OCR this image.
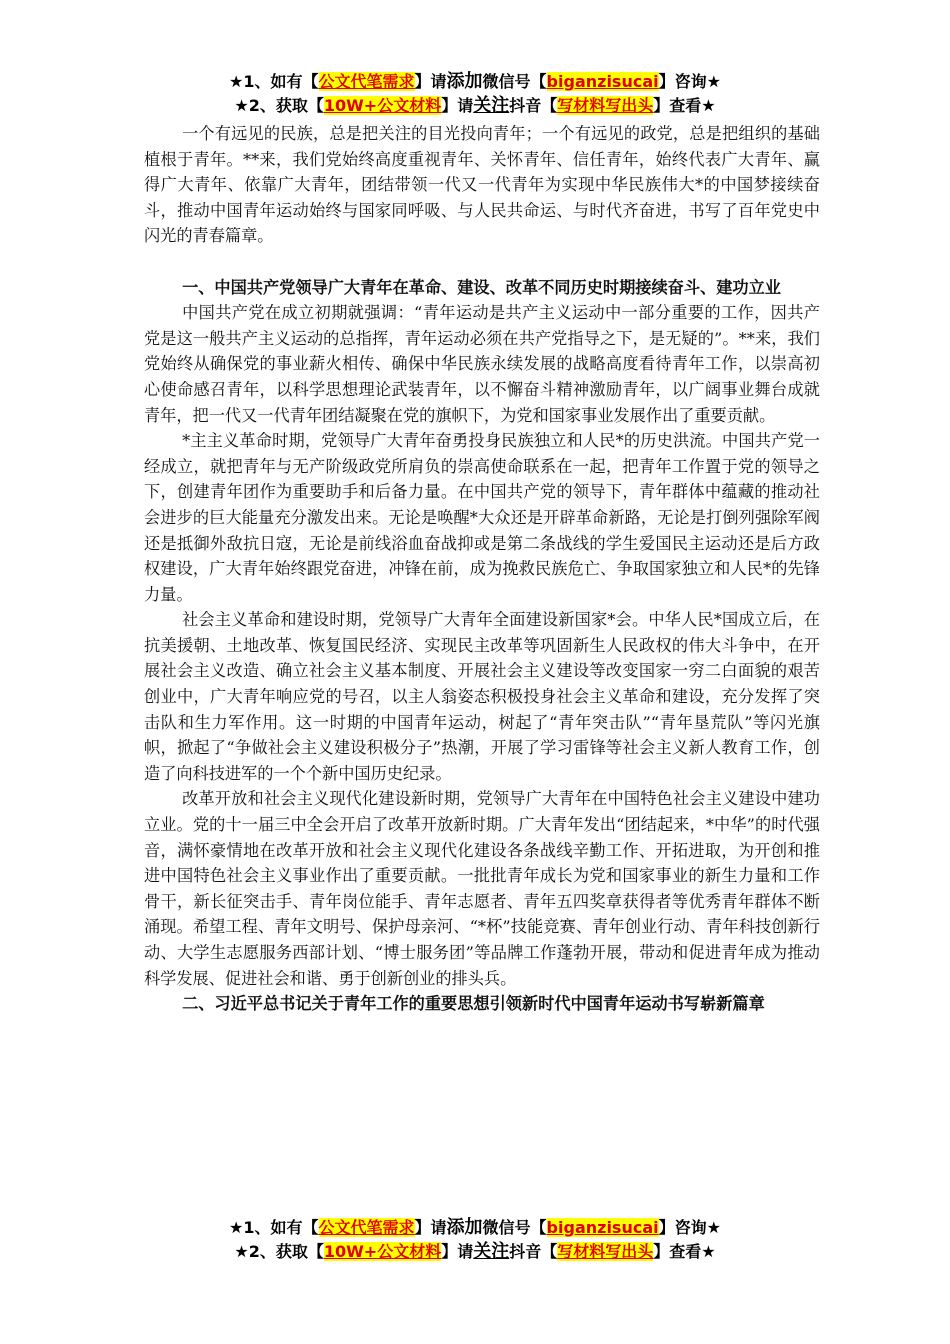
★1、如有【公文代笔需求】请添加微信号【biganzisucai】咨询★
★2、获取【10W+公文材料】请关注抖音【写材料写出头】查看★

一个有远见的民族，总是把关注的目光投向青年；一个有远见的政党，总是把组织的基础植根于青年。**来，我们党始终高度重视青年、关怀青年、信任青年，始终代表广大青年、赢得广大青年、依靠广大青年，团结带领一代又一代青年为实现中华民族伟大*的中国梦接续奋斗，推动中国青年运动始终与国家同呼吸、与人民共命运、与时代齐奋进，书写了百年党史中闪光的青春篇章。

一、中国共产党领导广大青年在革命、建设、改革不同历史时期接续奋斗、建功立业

中国共产党在成立初期就强调：“青年运动是共产主义运动中一部分重要的工作，因共产党是这一般共产主义运动的总指挥，青年运动必须在共产党指导之下，是无疑的”。**来，我们党始终从确保党的事业薪火相传、确保中华民族永续发展的战略高度看待青年工作，以崇高初心使命感召青年，以科学思想理论武装青年，以不懈奋斗精神激励青年，以广阔事业舞台成就青年，把一代又一代青年团结凝聚在党的旗帜下，为党和国家事业发展作出了重要贡献。

*主主义革命时期，党领导广大青年奋勇投身民族独立和人民*的历史洪流。中国共产党一经成立，就把青年与无产阶级政党所肩负的崇高使命联系在一起，把青年工作置于党的领导之下，创建青年团作为重要助手和后备力量。在中国共产党的领导下，青年群体中蕴藏的推动社会进步的巨大能量充分激发出来。无论是唤醒*大众还是开辟革命新路，无论是打倒列强除军阀还是抵御外敌抗日寇，无论是前线浴血奋战抑或是第二条战线的学生爱国民主运动还是后方政权建设，广大青年始终跟党奋进，冲锋在前，成为挽救民族危亡、争取国家独立和人民*的先锋力量。

社会主义革命和建设时期，党领导广大青年全面建设新国家*会。中华人民*国成立后，在抗美援朝、土地改革、恢复国民经济、实现民主改革等巩固新生人民政权的伟大斗争中，在开展社会主义改造、确立社会主义基本制度、开展社会主义建设等改变国家一穷二白面貌的艰苦创业中，广大青年响应党的号召，以主人翁姿态积极投身社会主义革命和建设，充分发挥了突击队和生力军作用。这一时期的中国青年运动，树起了“青年突击队”“青年垦荒队”等闪光旗帜，掀起了“争做社会主义建设积极分子”热潮，开展了学习雷锋等社会主义新人教育工作，创造了向科技进军的一个个新中国历史纪录。

改革开放和社会主义现代化建设新时期，党领导广大青年在中国特色社会主义建设中建功立业。党的十一届三中全会开启了改革开放新时期。广大青年发出“团结起来，*中华”的时代强音，满怀豪情地在改革开放和社会主义现代化建设各条战线辛勤工作、开拓进取，为开创和推进中国特色社会主义事业作出了重要贡献。一批批青年成长为党和国家事业的新生力量和工作骨干，新长征突击手、青年岗位能手、青年志愿者、青年五四奖章获得者等优秀青年群体不断涌现。希望工程、青年文明号、保护母亲河、“*杯”技能竞赛、青年创业行动、青年科技创新行动、大学生志愿服务西部计划、“博士服务团”等品牌工作蓬勃开展，带动和促进青年成为推动科学发展、促进社会和谐、勇于创新创业的排头兵。

二、习近平总书记关于青年工作的重要思想引领新时代中国青年运动书写崭新篇章
★1、如有【公文代笔需求】请添加微信号【biganzisucai】咨询★
★2、获取【10W+公文材料】请关注抖音【写材料写出头】查看★
